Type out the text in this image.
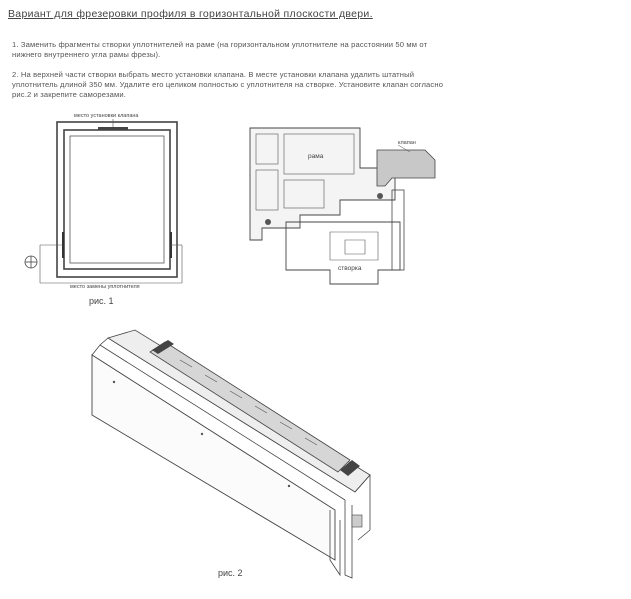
Вариант для фрезеровки профиля в горизонтальной плоскости двери.
1. Заменить фрагменты створки уплотнителей на раме (на горизонтальном уплотнителе на расстоянии 50 мм от нижнего внутреннего угла рамы фрезы).
2. На верхней части створки выбрать место установки клапана. В месте установки клапана удалить штатный уплотнитель длиной 350 мм. Удалите его целиком полностью с уплотнителя на створке. Установите клапан согласно рис.2 и закрепите саморезами.
место установки клапана
место замены уплотнителя
рис. 1
рама
клапан
створка
рис. 2
